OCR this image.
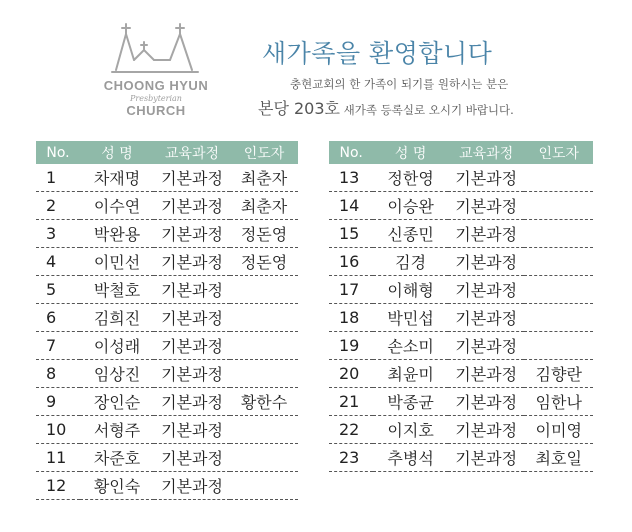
CHOONG HYUN
Presbyterian
CHURCH
새가족을 환영합니다
충현교회의 한 가족이 되기를 원하시는 분은
본당 203호 새가족 등록실로 오시기 바랍니다.
No.	성 명	교육과정	인도자
1	차재명	기본과정	최춘자
2	이수연	기본과정	최춘자
3	박완용	기본과정	정돈영
4	이민선	기본과정	정돈영
5	박철호	기본과정	
6	김희진	기본과정	
7	이성래	기본과정	
8	임상진	기본과정	
9	장인순	기본과정	황한수
10	서형주	기본과정	
11	차준호	기본과정	
12	황인숙	기본과정	
No.	성 명	교육과정	인도자
13	정한영	기본과정	
14	이승완	기본과정	
15	신종민	기본과정	
16	김경	기본과정	
17	이해형	기본과정	
18	박민섭	기본과정	
19	손소미	기본과정	
20	최윤미	기본과정	김향란
21	박종균	기본과정	임한나
22	이지호	기본과정	이미영
23	추병석	기본과정	최호일
